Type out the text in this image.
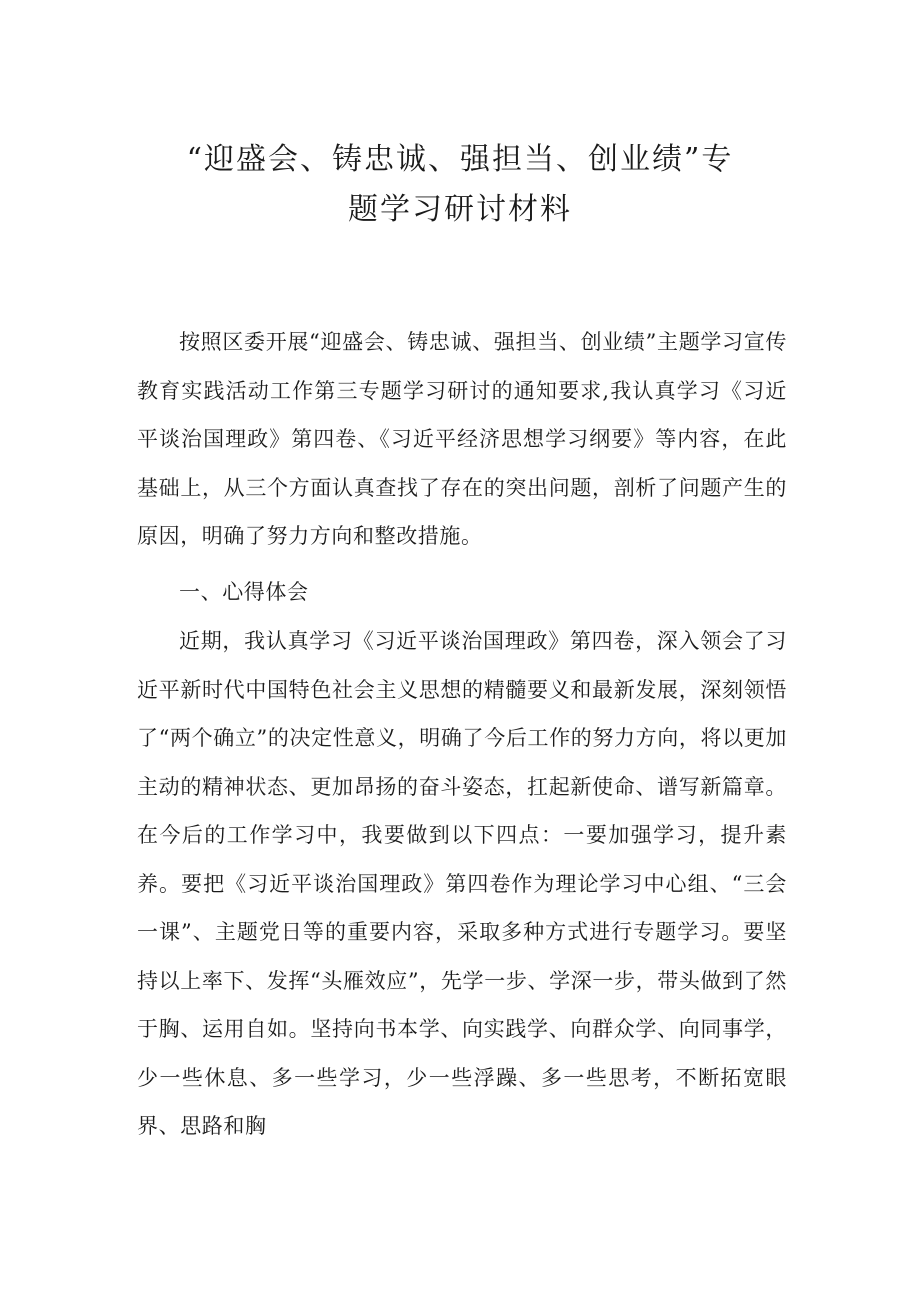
“迎盛会、铸忠诚、强担当、创业绩”专
题学习研讨材料

按照区委开展“迎盛会、铸忠诚、强担当、创业绩”主题学习宣传教育实践活动工作第三专题学习研讨的通知要求,我认真学习《习近平谈治国理政》第四卷、《习近平经济思想学习纲要》等内容，在此基础上，从三个方面认真查找了存在的突出问题，剖析了问题产生的原因，明确了努力方向和整改措施。

一、心得体会

近期，我认真学习《习近平谈治国理政》第四卷，深入领会了习近平新时代中国特色社会主义思想的精髓要义和最新发展，深刻领悟了“两个确立”的决定性意义，明确了今后工作的努力方向，将以更加主动的精神状态、更加昂扬的奋斗姿态，扛起新使命、谱写新篇章。在今后的工作学习中，我要做到以下四点：一要加强学习，提升素养。要把《习近平谈治国理政》第四卷作为理论学习中心组、“三会一课”、主题党日等的重要内容，采取多种方式进行专题学习。要坚持以上率下、发挥“头雁效应”，先学一步、学深一步，带头做到了然于胸、运用自如。坚持向书本学、向实践学、向群众学、向同事学，少一些休息、多一些学习，少一些浮躁、多一些思考，不断拓宽眼界、思路和胸
